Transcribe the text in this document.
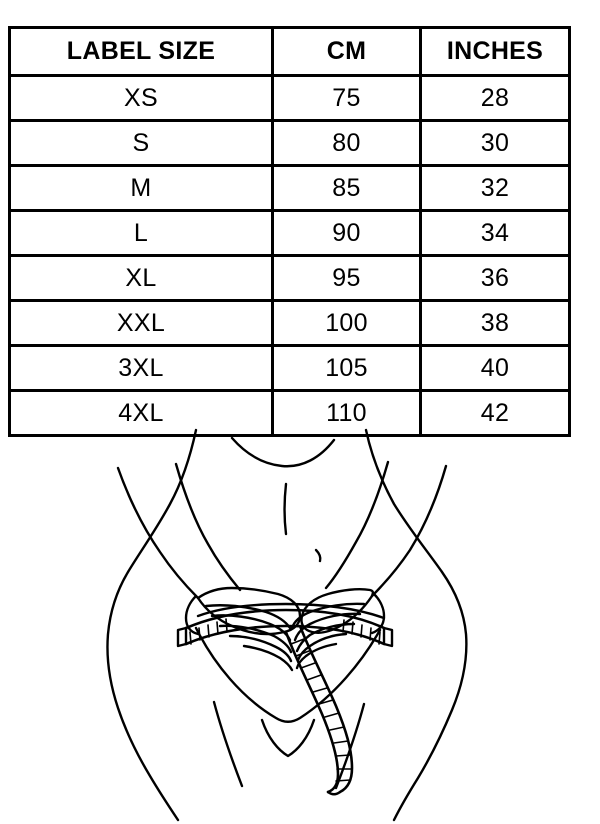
LABEL SIZE	CM	INCHES
XS	75	28
S	80	30
M	85	32
L	90	34
XL	95	36
XXL	100	38
3XL	105	40
4XL	110	42
